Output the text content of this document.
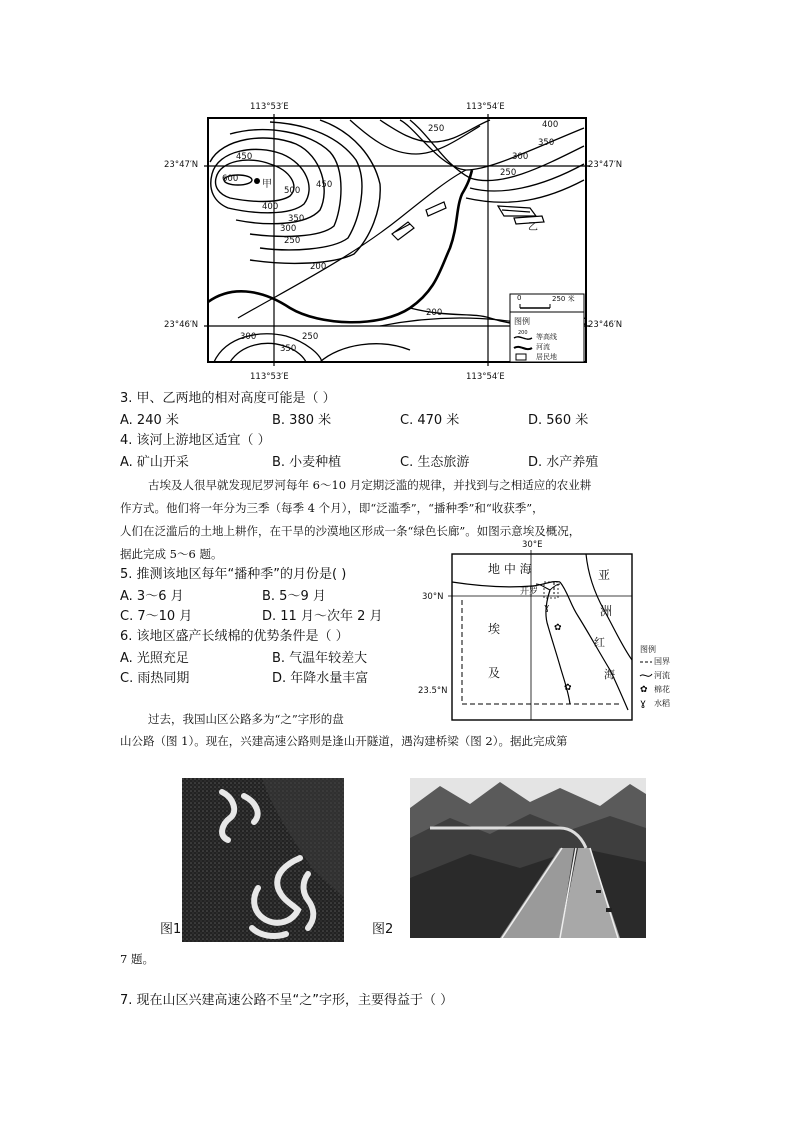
113°53′E	113°54′E
113°53′E	113°54′E
23°47′N	23°47′N
23°46′N	23°46′N
250	400
350
300
250
450
600
500
450
400
350
300
250
200
200
300
350
250
甲
乙
0	250 米
图例
200 等高线
河流
居民地
3. 甲、乙两地的相对高度可能是（ ）
A. 240 米	B. 380 米	C. 470 米	D. 560 米
4. 该河上游地区适宜（ ）
A. 矿山开采	B. 小麦种植	C. 生态旅游	D. 水产养殖
古埃及人很早就发现尼罗河每年 6～10 月定期泛滥的规律，并找到与之相适应的农业耕
作方式。他们将一年分为三季（每季 4 个月），即“泛滥季”，“播种季”和“收获季”，
人们在泛滥后的土地上耕作，在干旱的沙漠地区形成一条“绿色长廊”。如图示意埃及概况，
据此完成 5～6 题。
5. 推测该地区每年“播种季”的月份是( )
A. 3～6 月	B. 5～9 月
C. 7～10 月	D. 11 月～次年 2 月
6. 该地区盛产长绒棉的优势条件是（ ）
A. 光照充足	B. 气温年较差大
C. 雨热同期	D. 年降水量丰富
ɣ
✿
✿	✿
ɣ
30°E
30°N
23.5°N
地 中 海	亚
洲
埃
及
红
海
开罗
图例
国界
河流
棉花
水稻
过去，我国山区公路多为“之”字形的盘
山公路（图 1）。现在，兴建高速公路则是逢山开隧道，遇沟建桥梁（图 2）。据此完成第
图1	图2
7 题。
7. 现在山区兴建高速公路不呈“之”字形，主要得益于（ ）
